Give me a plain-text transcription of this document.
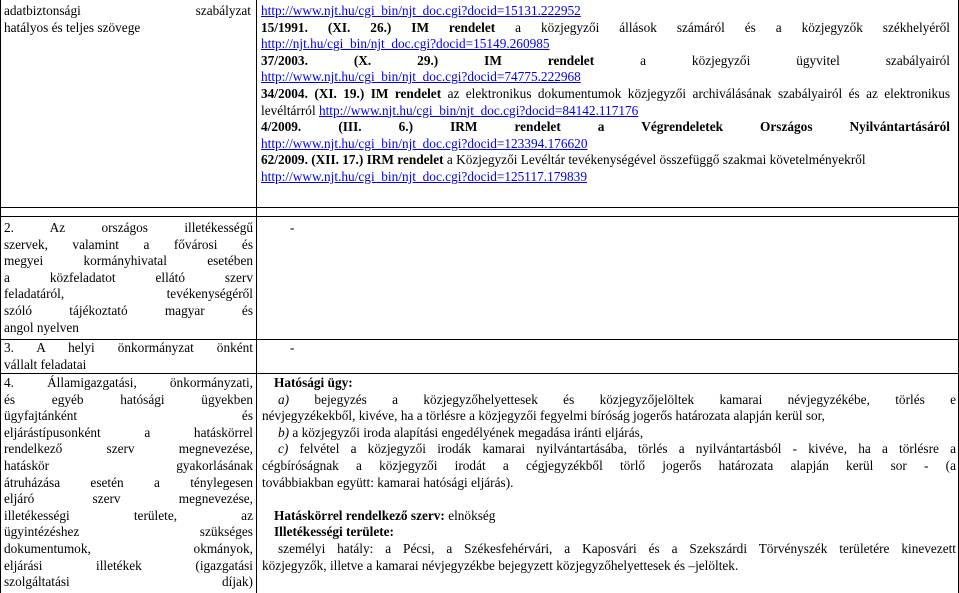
adatbiztonsági szabályzat
hatályos és teljes szövege
http://www.njt.hu/cgi_bin/njt_doc.cgi?docid=15131.222952
15/1991. (XI. 26.) IM rendelet a közjegyzői állások számáról és a közjegyzők székhelyéről
http://njt.hu/cgi_bin/njt_doc.cgi?docid=15149.260985
37/2003. (X. 29.) IM rendelet	a közjegyzői ügyvitel szabályairól
http://www.njt.hu/cgi_bin/njt_doc.cgi?docid=74775.222968
34/2004. (XI. 19.) IM rendelet az elektronikus dokumentumok közjegyzői archiválásának szabályairól és az elektronikus levéltárról http://www.njt.hu/cgi_bin/njt_doc.cgi?docid=84142.117176
4/2009. (III. 6.) IRM rendelet a Végrendeletek Országos Nyilvántartásáról
http://www.njt.hu/cgi_bin/njt_doc.cgi?docid=123394.176620
62/2009. (XII. 17.) IRM rendelet a Közjegyzői Levéltár tevékenységével összefüggő szakmai követelményekről
http://www.njt.hu/cgi_bin/njt_doc.cgi?docid=125117.179839
2. Az országos illetékességű
szervek, valamint a fővárosi és
megyei kormányhivatal esetében
a közfeladatot ellátó szerv
feladatáról, tevékenységéről
szóló tájékoztató magyar és
angol nyelven
-
3. A helyi önkormányzat önként
vállalt feladatai
-
4. Államigazgatási, önkormányzati,
és egyéb hatósági ügyekben
ügyfajtánként és
eljárástípusonként a hatáskörrel
rendelkező szerv megnevezése,
hatáskör gyakorlásának
átruházása esetén a ténylegesen
eljáró szerv megnevezése,
illetékességi területe, az
ügyintézéshez szükséges
dokumentumok, okmányok,
eljárási illetékek (igazgatási
szolgáltatási díjak)
Hatósági ügy:
a) bejegyzés a közjegyzőhelyettesek és közjegyzőjelöltek kamarai névjegyzékébe, törlés e
névjegyzékekből, kivéve, ha a törlésre a közjegyzői fegyelmi bíróság jogerős határozata alapján kerül sor,
b) a közjegyzői iroda alapítási engedélyének megadása iránti eljárás,
c) felvétel a közjegyzői irodák kamarai nyilvántartásába, törlés a nyilvántartásból - kivéve, ha a törlésre a
cégbíróságnak a közjegyzői irodát a cégjegyzékből törlő jogerős határozata alapján kerül sor - (a
továbbiakban együtt: kamarai hatósági eljárás).
Hatáskörrel rendelkező szerv: elnökség
Illetékességi területe:
személyi hatály: a Pécsi, a Székesfehérvári, a Kaposvári és a Szekszárdi Törvényszék területére kinevezett
közjegyzők, illetve a kamarai névjegyzékbe bejegyzett közjegyzőhelyettesek és –jelöltek.
